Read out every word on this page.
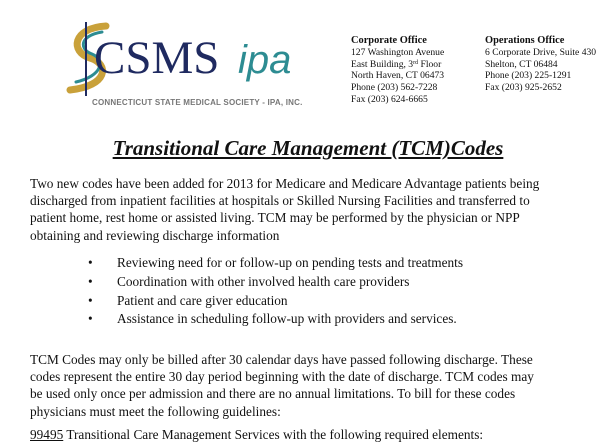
CSMS ipa
CONNECTICUT STATE MEDICAL SOCIETY - IPA, INC.
Corporate Office
127 Washington Avenue
East Building, 3rd Floor
North Haven, CT 06473
Phone (203) 562-7228
Fax (203) 624-6665
Operations Office
6 Corporate Drive, Suite 430
Shelton, CT 06484
Phone (203) 225-1291
Fax (203) 925-2652
Transitional Care Management (TCM)Codes
Two new codes have been added for 2013 for Medicare and Medicare Advantage patients being
discharged from inpatient facilities at hospitals or Skilled Nursing Facilities and transferred to
patient home, rest home or assisted living. TCM may be performed by the physician or NPP
obtaining and reviewing discharge information
• Reviewing need for or follow-up on pending tests and treatments
• Coordination with other involved health care providers
• Patient and care giver education
• Assistance in scheduling follow-up with providers and services.
TCM Codes may only be billed after 30 calendar days have passed following discharge. These
codes represent the entire 30 day period beginning with the date of discharge. TCM codes may
be used only once per admission and there are no annual limitations. To bill for these codes
physicians must meet the following guidelines:
99495 Transitional Care Management Services with the following required elements:
